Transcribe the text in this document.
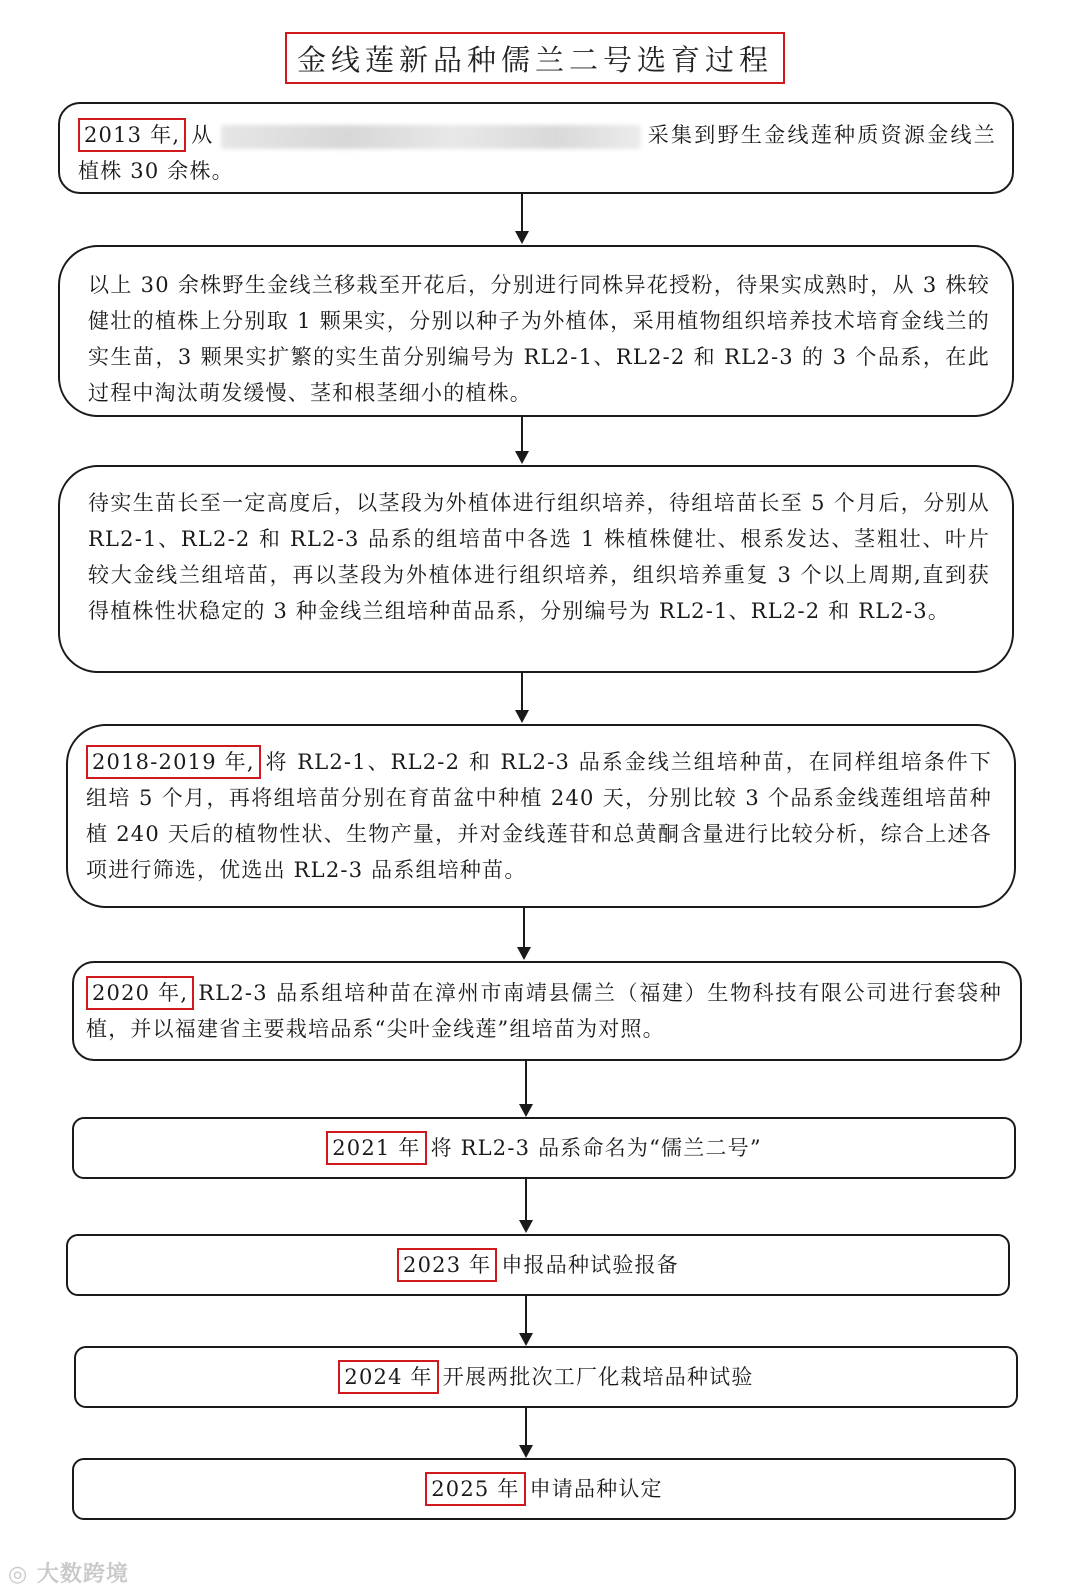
金线莲新品种儒兰二号选育过程

2013 年, 从	采集到野生金线莲种质资源金线兰植株 30 余株。

以上 30 余株野生金线兰移栽至开花后，分别进行同株异花授粉，待果实成熟时，从 3 株较健壮的植株上分别取 1 颗果实，分别以种子为外植体，采用植物组织培养技术培育金线兰的实生苗，3 颗果实扩繁的实生苗分别编号为 RL2-1、RL2-2 和 RL2-3 的 3 个品系，在此过程中淘汰萌发缓慢、茎和根茎细小的植株。

待实生苗长至一定高度后，以茎段为外植体进行组织培养，待组培苗长至 5 个月后，分别从 RL2-1、RL2-2 和 RL2-3 品系的组培苗中各选 1 株植株健壮、根系发达、茎粗壮、叶片较大金线兰组培苗，再以茎段为外植体进行组织培养，组织培养重复 3 个以上周期,直到获得植株性状稳定的 3 种金线兰组培种苗品系，分别编号为 RL2-1、RL2-2 和 RL2-3。

2018-2019 年, 将 RL2-1、RL2-2 和 RL2-3 品系金线兰组培种苗，在同样组培条件下组培 5 个月，再将组培苗分别在育苗盆中种植 240 天，分别比较 3 个品系金线莲组培苗种植 240 天后的植物性状、生物产量，并对金线莲苷和总黄酮含量进行比较分析，综合上述各项进行筛选，优选出 RL2-3 品系组培种苗。

2020 年, RL2-3 品系组培种苗在漳州市南靖县儒兰（福建）生物科技有限公司进行套袋种植，并以福建省主要栽培品系“尖叶金线莲”组培苗为对照。

2021 年 将 RL2-3 品系命名为“儒兰二号”

2023 年 申报品种试验报备

2024 年 开展两批次工厂化栽培品种试验

2025 年 申请品种认定

◎ 大数跨境
